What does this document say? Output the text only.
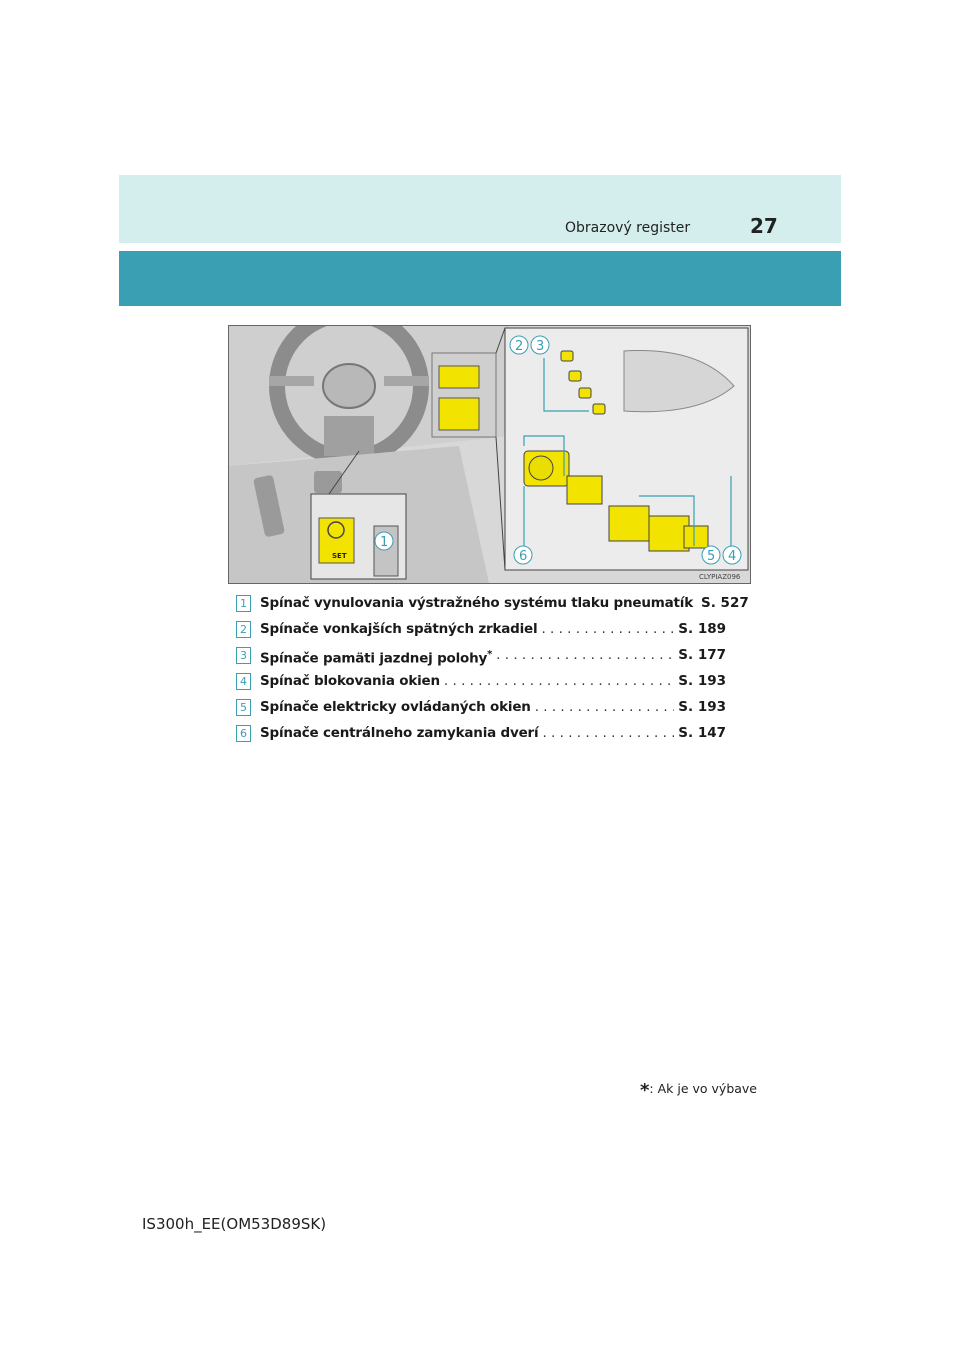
Obrazový register	27
SET
2 3
1
6	5 4
CLYPIAZ096
1 Spínač vynulovania výstražného systému tlaku pneumatík S. 527
2 Spínače vonkajších spätných zrkadiel . . .	S. 189
3 Spínače pamäti jazdnej polohy* . . .	S. 177
4 Spínač blokovania okien . . .	S. 193
5 Spínače elektricky ovládaných okien . . .	S. 193
6 Spínače centrálneho zamykania dverí . . .	S. 147
*: Ak je vo výbave
IS300h_EE(OM53D89SK)
